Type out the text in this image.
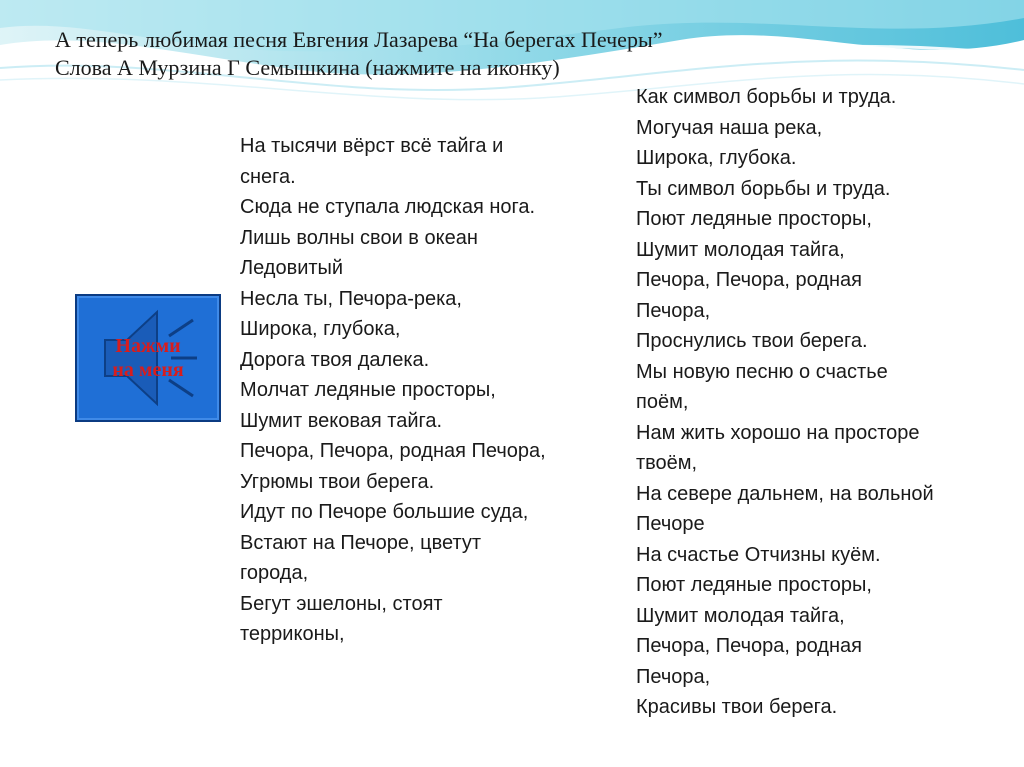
А теперь любимая песня Евгения Лазарева “На берегах Печеры”
Слова А Мурзина Г Семышкина (нажмите на иконку)
Нажми
на меня
На тысячи вёрст всё тайга и
снега.
Сюда не ступала людская нога.
Лишь волны свои в океан
Ледовитый
Несла ты, Печора-река,
Широка, глубока,
Дорога твоя далека.
Молчат ледяные просторы,
Шумит вековая тайга.
Печора, Печора, родная Печора,
Угрюмы твои берега.
Идут по Печоре большие суда,
Встают на Печоре, цветут
города,
Бегут эшелоны, стоят
терриконы,
Как символ борьбы и труда.
Могучая наша река,
Широка, глубока.
Ты символ борьбы и труда.
Поют ледяные просторы,
Шумит молодая тайга,
Печора, Печора, родная
Печора,
Проснулись твои берега.
Мы новую песню о счастье
поём,
Нам жить хорошо на просторе
твоём,
На севере дальнем, на вольной
Печоре
На счастье Отчизны куём.
Поют ледяные просторы,
Шумит молодая тайга,
Печора, Печора, родная
Печора,
Красивы твои берега.
